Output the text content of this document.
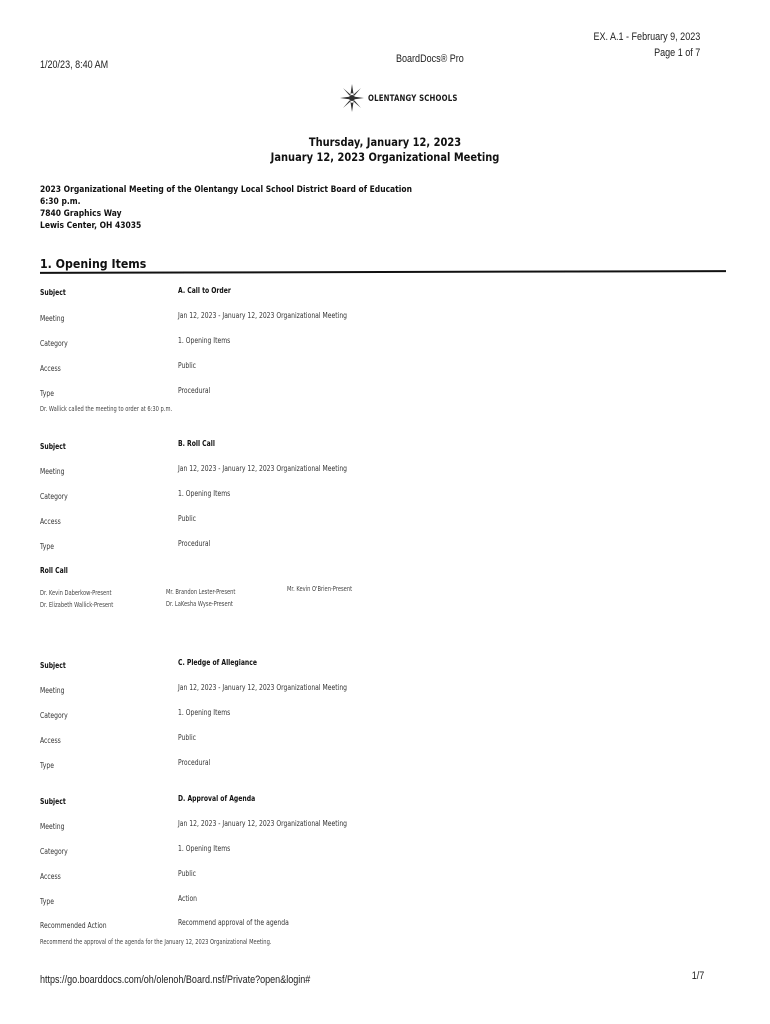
EX. A.1 - February 9, 2023
Page 1 of 7
1/20/23, 8:40 AM	BoardDocs® Pro
OLENTANGY SCHOOLS
Thursday, January 12, 2023
January 12, 2023 Organizational Meeting
2023 Organizational Meeting of the Olentangy Local School District Board of Education
6:30 p.m.
7840 Graphics Way
Lewis Center, OH 43035
1. Opening Items
Subject	A. Call to Order
Meeting	Jan 12, 2023 - January 12, 2023 Organizational Meeting
Category	1. Opening Items
Access	Public
Type	Procedural
Dr. Wallick called the meeting to order at 6:30 p.m.
Subject	B. Roll Call
Meeting	Jan 12, 2023 - January 12, 2023 Organizational Meeting
Category	1. Opening Items
Access	Public
Type	Procedural
Roll Call
Dr. Kevin Daberkow-Present	Mr. Brandon Lester-Present	Mr. Kevin O'Brien-Present
Dr. Elizabeth Wallick-Present	Dr. LaKesha Wyse-Present
Subject	C. Pledge of Allegiance
Meeting	Jan 12, 2023 - January 12, 2023 Organizational Meeting
Category	1. Opening Items
Access	Public
Type	Procedural
Subject	D. Approval of Agenda
Meeting	Jan 12, 2023 - January 12, 2023 Organizational Meeting
Category	1. Opening Items
Access	Public
Type	Action
Recommended Action	Recommend approval of the agenda
Recommend the approval of the agenda for the January 12, 2023 Organizational Meeting.
https://go.boarddocs.com/oh/olenoh/Board.nsf/Private?open&login#	1/7
